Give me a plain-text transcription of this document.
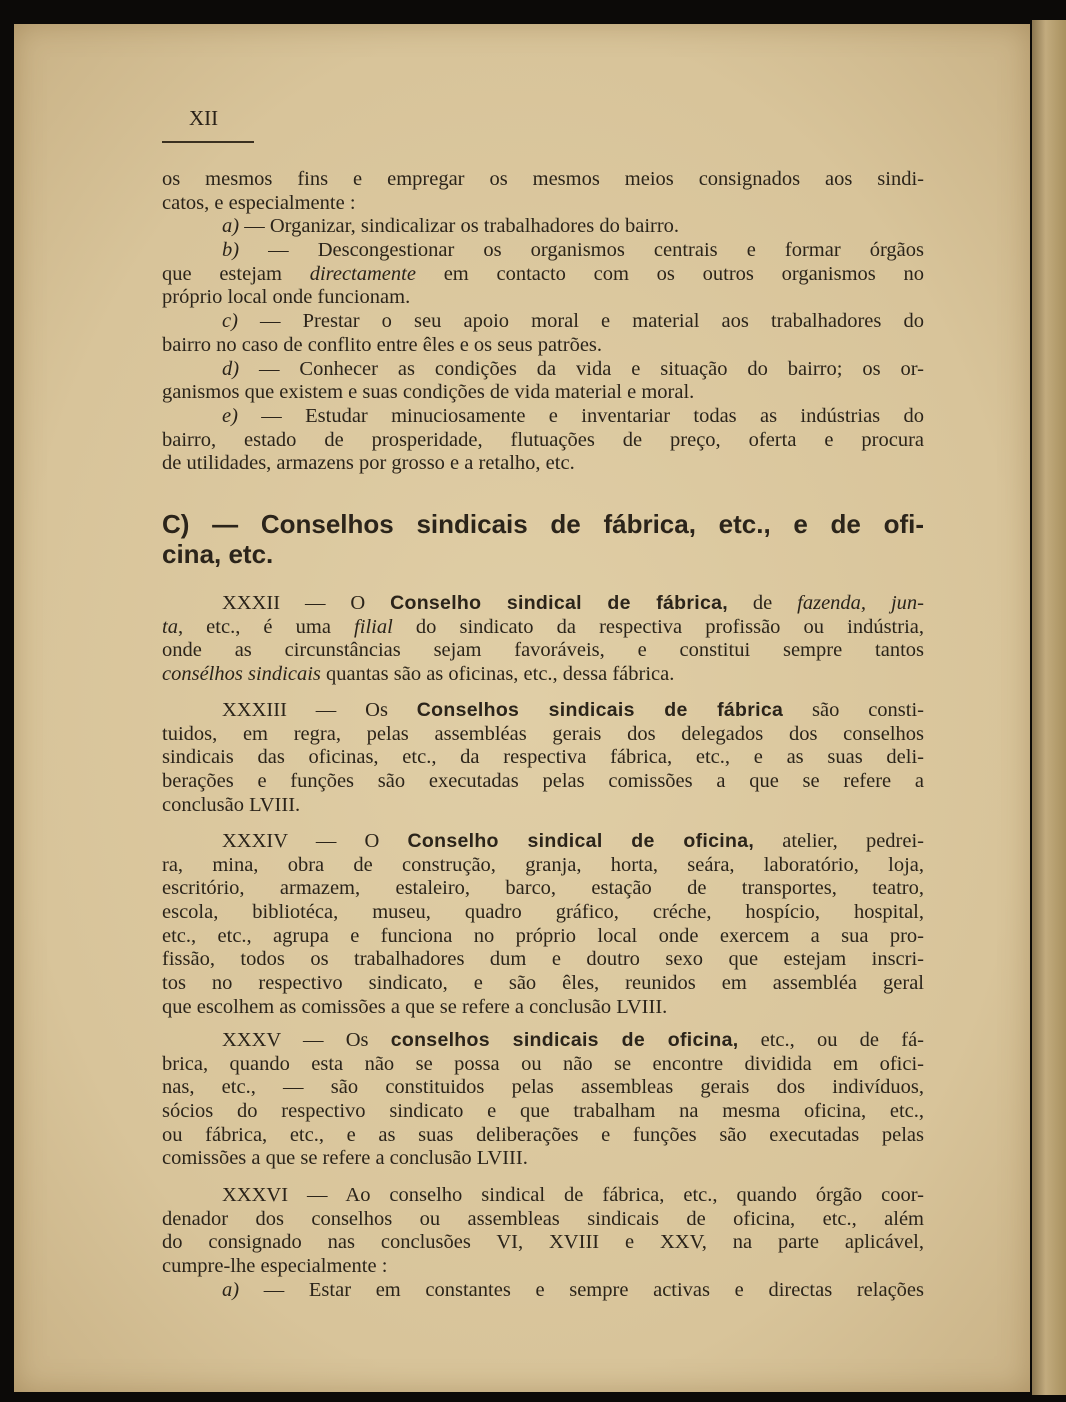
XII
C) — Conselhos sindicais de fábrica, etc., e de ofi-
cina, etc.
os mesmos fins e empregar os mesmos meios consignados aos sindi-
catos, e especialmente :
a) — Organizar, sindicalizar os trabalhadores do bairro.
b) — Descongestionar os organismos centrais e formar órgãos
que estejam directamente em contacto com os outros organismos no
próprio local onde funcionam.
c) — Prestar o seu apoio moral e material aos trabalhadores do
bairro no caso de conflito entre êles e os seus patrões.
d) — Conhecer as condições da vida e situação do bairro; os or-
ganismos que existem e suas condições de vida material e moral.
e) — Estudar minuciosamente e inventariar todas as indústrias do
bairro, estado de prosperidade, flutuações de preço, oferta e procura
de utilidades, armazens por grosso e a retalho, etc.
XXXII — O Conselho sindical de fábrica, de fazenda, jun-
ta, etc., é uma filial do sindicato da respectiva profissão ou indústria,
onde as circunstâncias sejam favoráveis, e constitui sempre tantos
consélhos sindicais quantas são as oficinas, etc., dessa fábrica.
XXXIII — Os Conselhos sindicais de fábrica são consti-
tuidos, em regra, pelas assembléas gerais dos delegados dos conselhos
sindicais das oficinas, etc., da respectiva fábrica, etc., e as suas deli-
berações e funções são executadas pelas comissões a que se refere a
conclusão LVIII.
XXXIV — O Conselho sindical de oficina, atelier, pedrei-
ra, mina, obra de construção, granja, horta, seára, laboratório, loja,
escritório, armazem, estaleiro, barco, estação de transportes, teatro,
escola, bibliotéca, museu, quadro gráfico, créche, hospício, hospital,
etc., etc., agrupa e funciona no próprio local onde exercem a sua pro-
fissão, todos os trabalhadores dum e doutro sexo que estejam inscri-
tos no respectivo sindicato, e são êles, reunidos em assembléa geral
que escolhem as comissões a que se refere a conclusão LVIII.
XXXV — Os conselhos sindicais de oficina, etc., ou de fá-
brica, quando esta não se possa ou não se encontre dividida em ofici-
nas, etc., — são constituidos pelas assembleas gerais dos indivíduos,
sócios do respectivo sindicato e que trabalham na mesma oficina, etc.,
ou fábrica, etc., e as suas deliberações e funções são executadas pelas
comissões a que se refere a conclusão LVIII.
XXXVI — Ao conselho sindical de fábrica, etc., quando órgão coor-
denador dos conselhos ou assembleas sindicais de oficina, etc., além
do consignado nas conclusões VI, XVIII e XXV, na parte aplicável,
cumpre-lhe especialmente :
a) — Estar em constantes e sempre activas e directas relações
